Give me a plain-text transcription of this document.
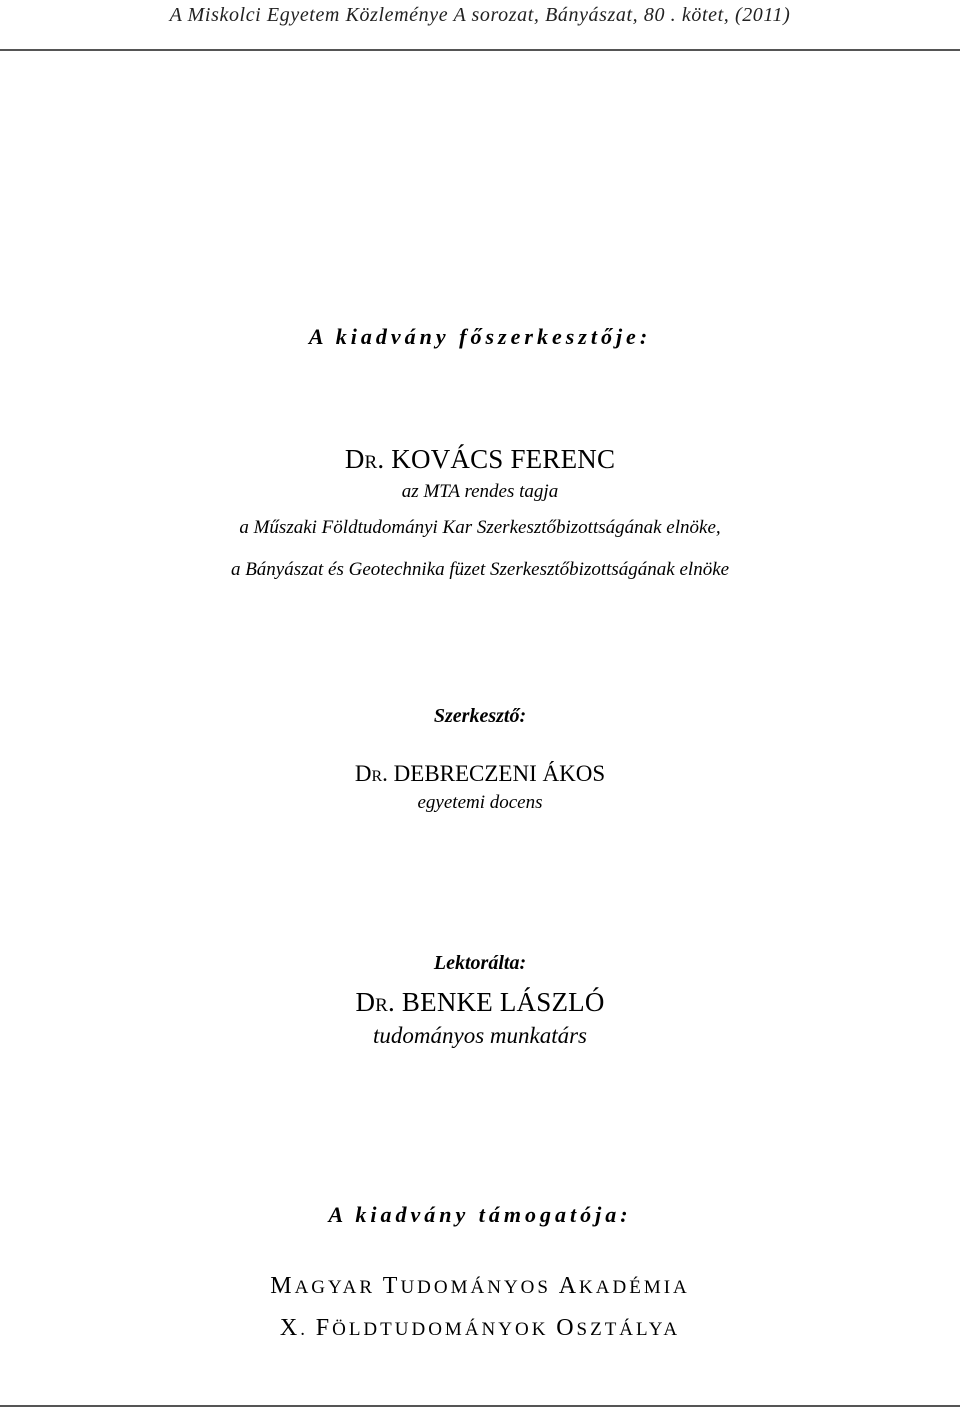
A Miskolci Egyetem Közleménye A sorozat, Bányászat, 80 . kötet, (2011)
A kiadvány főszerkesztője:
DR. KOVÁCS FERENC
az MTA rendes tagja
a Műszaki Földtudományi Kar Szerkesztőbizottságának elnöke,
a Bányászat és Geotechnika füzet Szerkesztőbizottságának elnöke
Szerkesztő:
DR. DEBRECZENI ÁKOS
egyetemi docens
Lektorálta:
DR. BENKE LÁSZLÓ
tudományos munkatárs
A kiadvány támogatója:
MAGYAR TUDOMÁNYOS AKADÉMIA
X. FÖLDTUDOMÁNYOK OSZTÁLYA
